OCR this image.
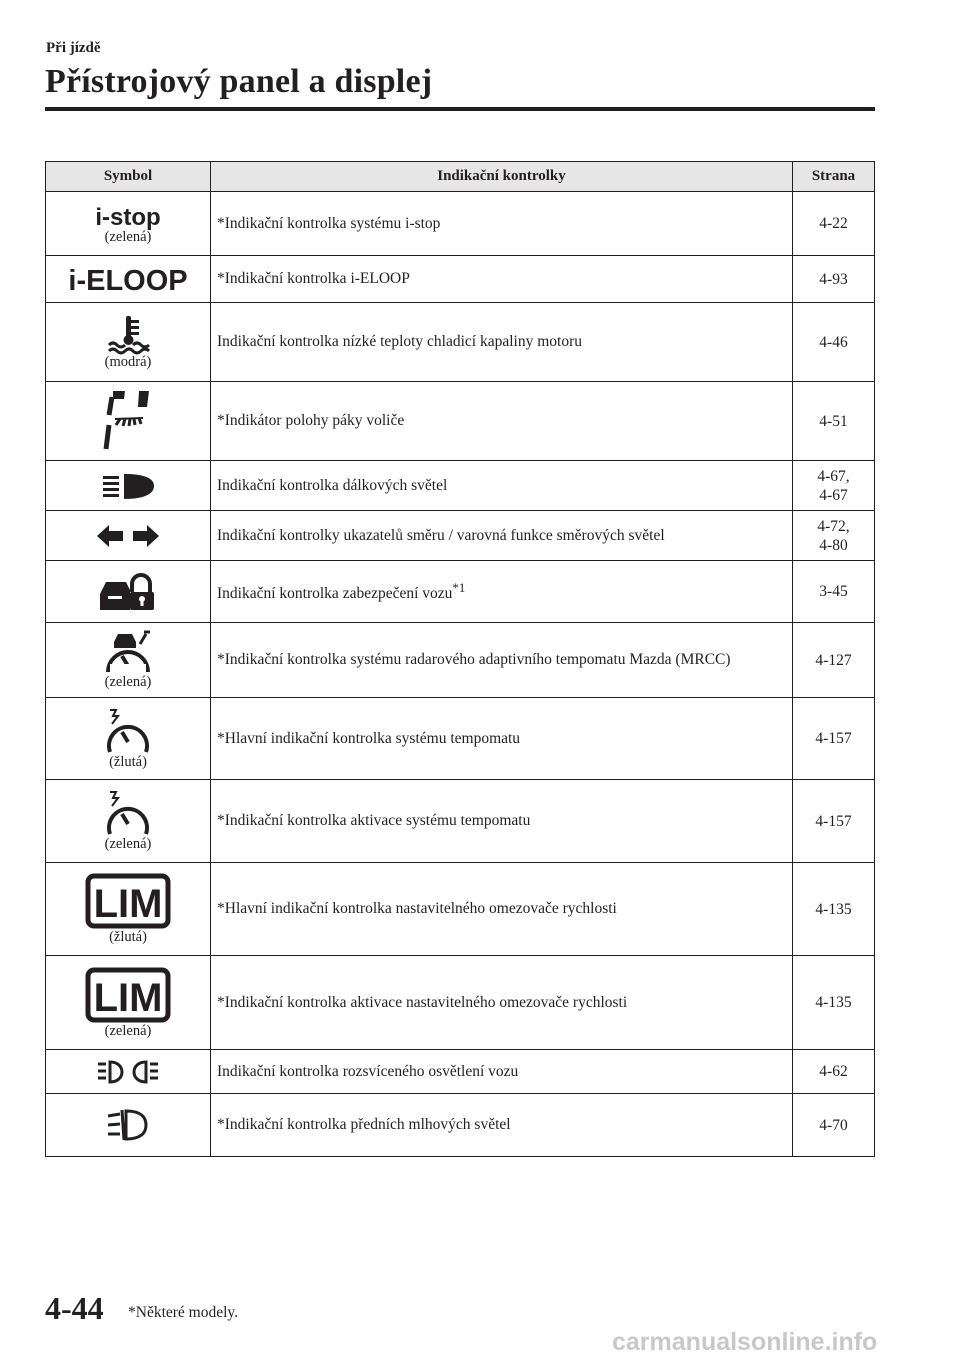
Při jízdě
Přístrojový panel a displej
Symbol	Indikační kontrolky	Strana

i-stop
(zelená)	*Indikační kontrolka systému i-stop	4-22

i-ELOOP	*Indikační kontrolka i-ELOOP	4-93

(modrá)	Indikační kontrolka nízké teploty chladicí kapaliny motoru	4-46

	*Indikátor polohy páky voliče	4-51

	Indikační kontrolka dálkových světel	4-67,
4-67

	Indikační kontrolky ukazatelů směru / varovná funkce směrových světel	4-72,
4-80

	Indikační kontrolka zabezpečení vozu$^{*1}$	3-45

(zelená)	*Indikační kontrolka systému radarového adaptivního tempomatu Mazda (MRCC)	4-127

(žlutá)	*Hlavní indikační kontrolka systému tempomatu	4-157

(zelená)	*Indikační kontrolka aktivace systému tempomatu	4-157

LIM
(žlutá)	*Hlavní indikační kontrolka nastavitelného omezovače rychlosti	4-135

LIM
(zelená)	*Indikační kontrolka aktivace nastavitelného omezovače rychlosti	4-135

	Indikační kontrolka rozsvíceného osvětlení vozu	4-62

	*Indikační kontrolka předních mlhových světel	4-70
4-44 *Některé modely.
carmanualsonline.info
